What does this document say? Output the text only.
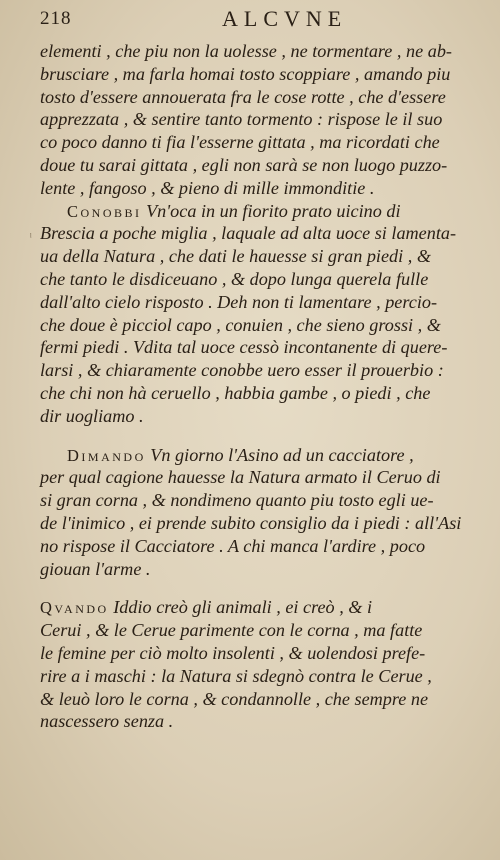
218	ALCVNE
ˡ
elementi , che piu non la uolesse , ne tormentare , ne ab-
brusciare , ma farla homai tosto scoppiare , amando piu
tosto d'essere annouerata fra le cose rotte , che d'essere
apprezzata , & sentire tanto tormento : rispose le il suo
co poco danno ti fia l'esserne gittata , ma ricordati che
doue tu sarai gittata , egli non sarà se non luogo puzzo-
lente , fangoso , & pieno di mille immonditie .
Conobbi Vn'oca in un fiorito prato uicino di
Brescia a poche miglia , laquale ad alta uoce si lamenta-
ua della Natura , che dati le hauesse si gran piedi , &
che tanto le disdiceuano , & dopo lunga querela fulle
dall'alto cielo risposto . Deh non ti lamentare , percio-
che doue è picciol capo , conuien , che sieno grossi , &
fermi piedi . Vdita tal uoce cessò incontanente di quere-
larsi , & chiaramente conobbe uero esser il prouerbio :
che chi non hà ceruello , habbia gambe , o piedi , che
dir uogliamo .
Dimando Vn giorno l'Asino ad un cacciatore ,
per qual cagione hauesse la Natura armato il Ceruo di
si gran corna , & nondimeno quanto piu tosto egli ue-
de l'inimico , ei prende subito consiglio da i piedi : all'Asi
no rispose il Cacciatore . A chi manca l'ardire , poco
giouan l'arme .
Qvando Iddio creò gli animali , ei creò , & i
Cerui , & le Cerue parimente con le corna , ma fatte
le femine per ciò molto insolenti , & uolendosi prefe-
rire a i maschi : la Natura si sdegnò contra le Cerue ,
& leuò loro le corna , & condannolle , che sempre ne
nascessero senza .
